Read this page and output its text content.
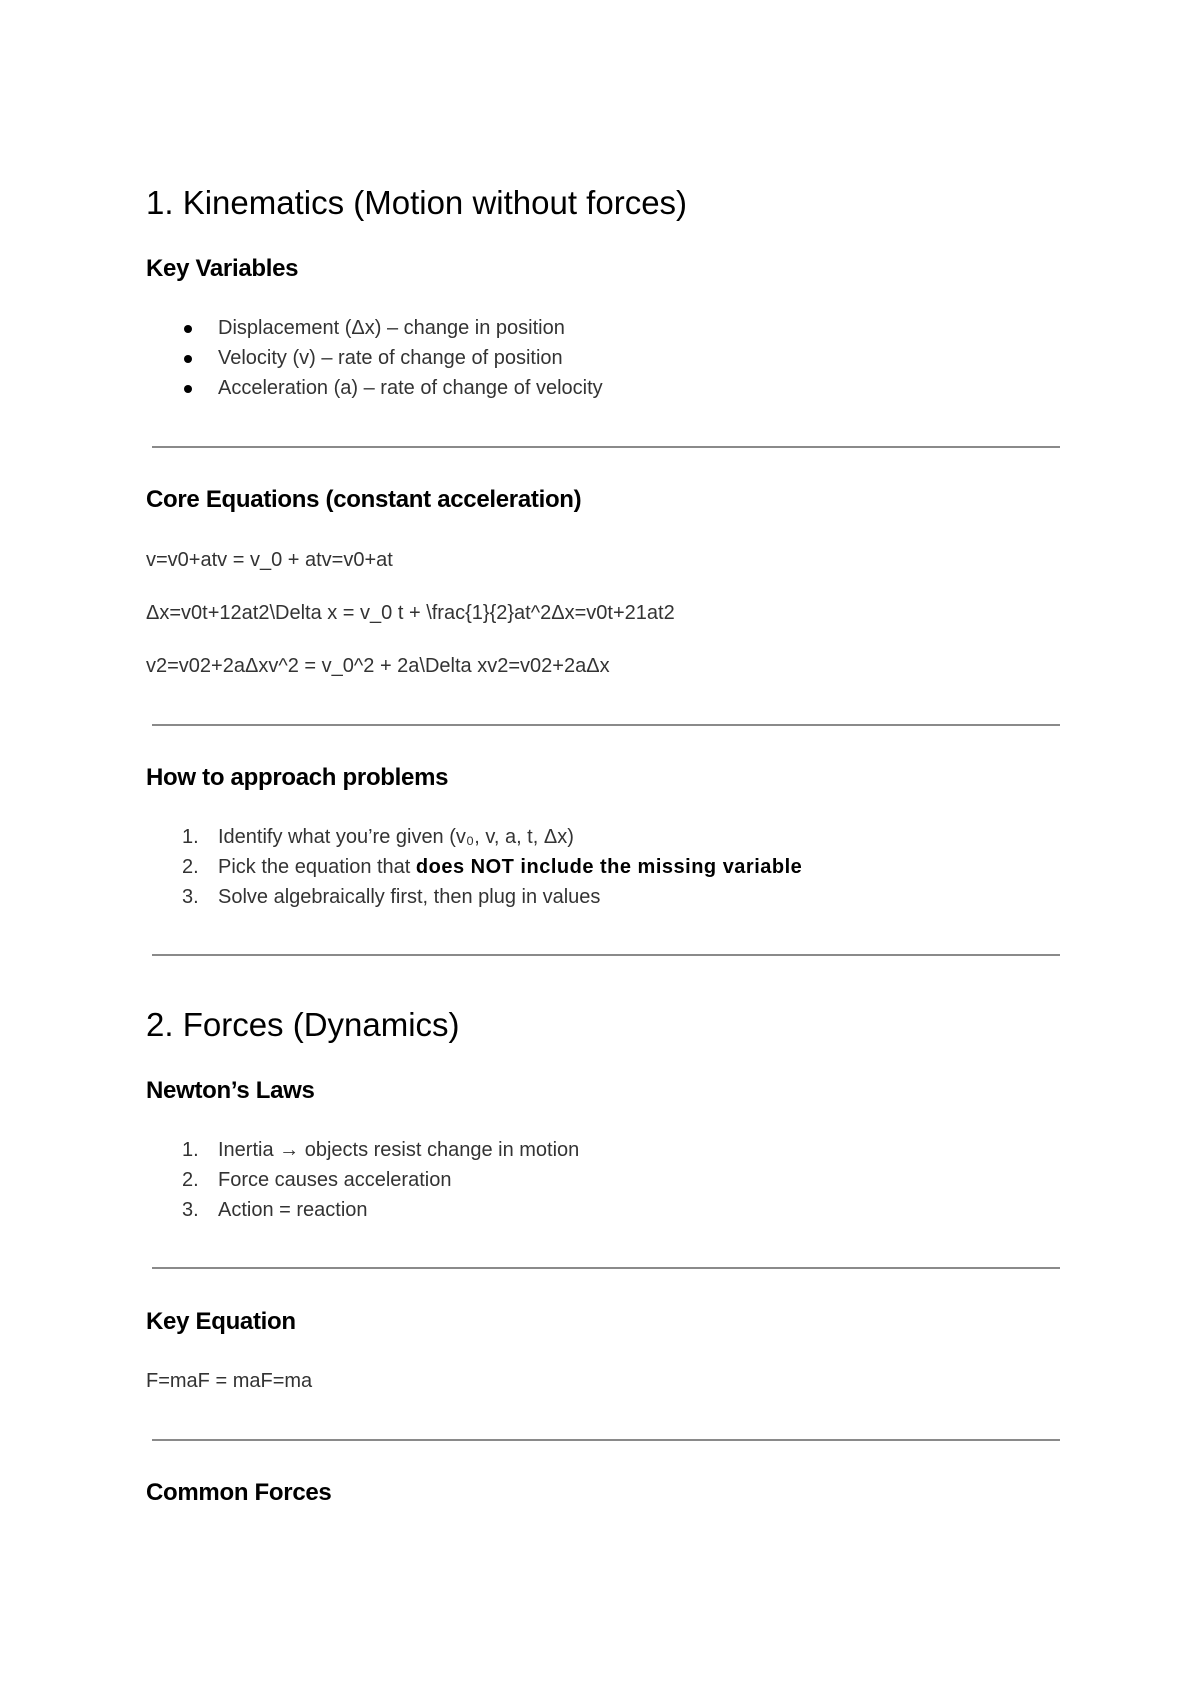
1. Kinematics (Motion without forces)
Key Variables
Displacement (Δx) – change in position
Velocity (v) – rate of change of position
Acceleration (a) – rate of change of velocity
Core Equations (constant acceleration)
v=v0+atv = v_0 + atv=v0+at
Δx=v0t+12at2\Delta x = v_0 t + \frac{1}{2}at^2Δx=v0t+21at2
v2=v02+2aΔxv^2 = v_0^2 + 2a\Delta xv2=v02+2aΔx
How to approach problems
1. Identify what you’re given (v₀, v, a, t, Δx)
2. Pick the equation that does NOT include the missing variable
3. Solve algebraically first, then plug in values
2. Forces (Dynamics)
Newton’s Laws
1. Inertia → objects resist change in motion
2. Force causes acceleration
3. Action = reaction
Key Equation
F=maF = maF=ma
Common Forces
